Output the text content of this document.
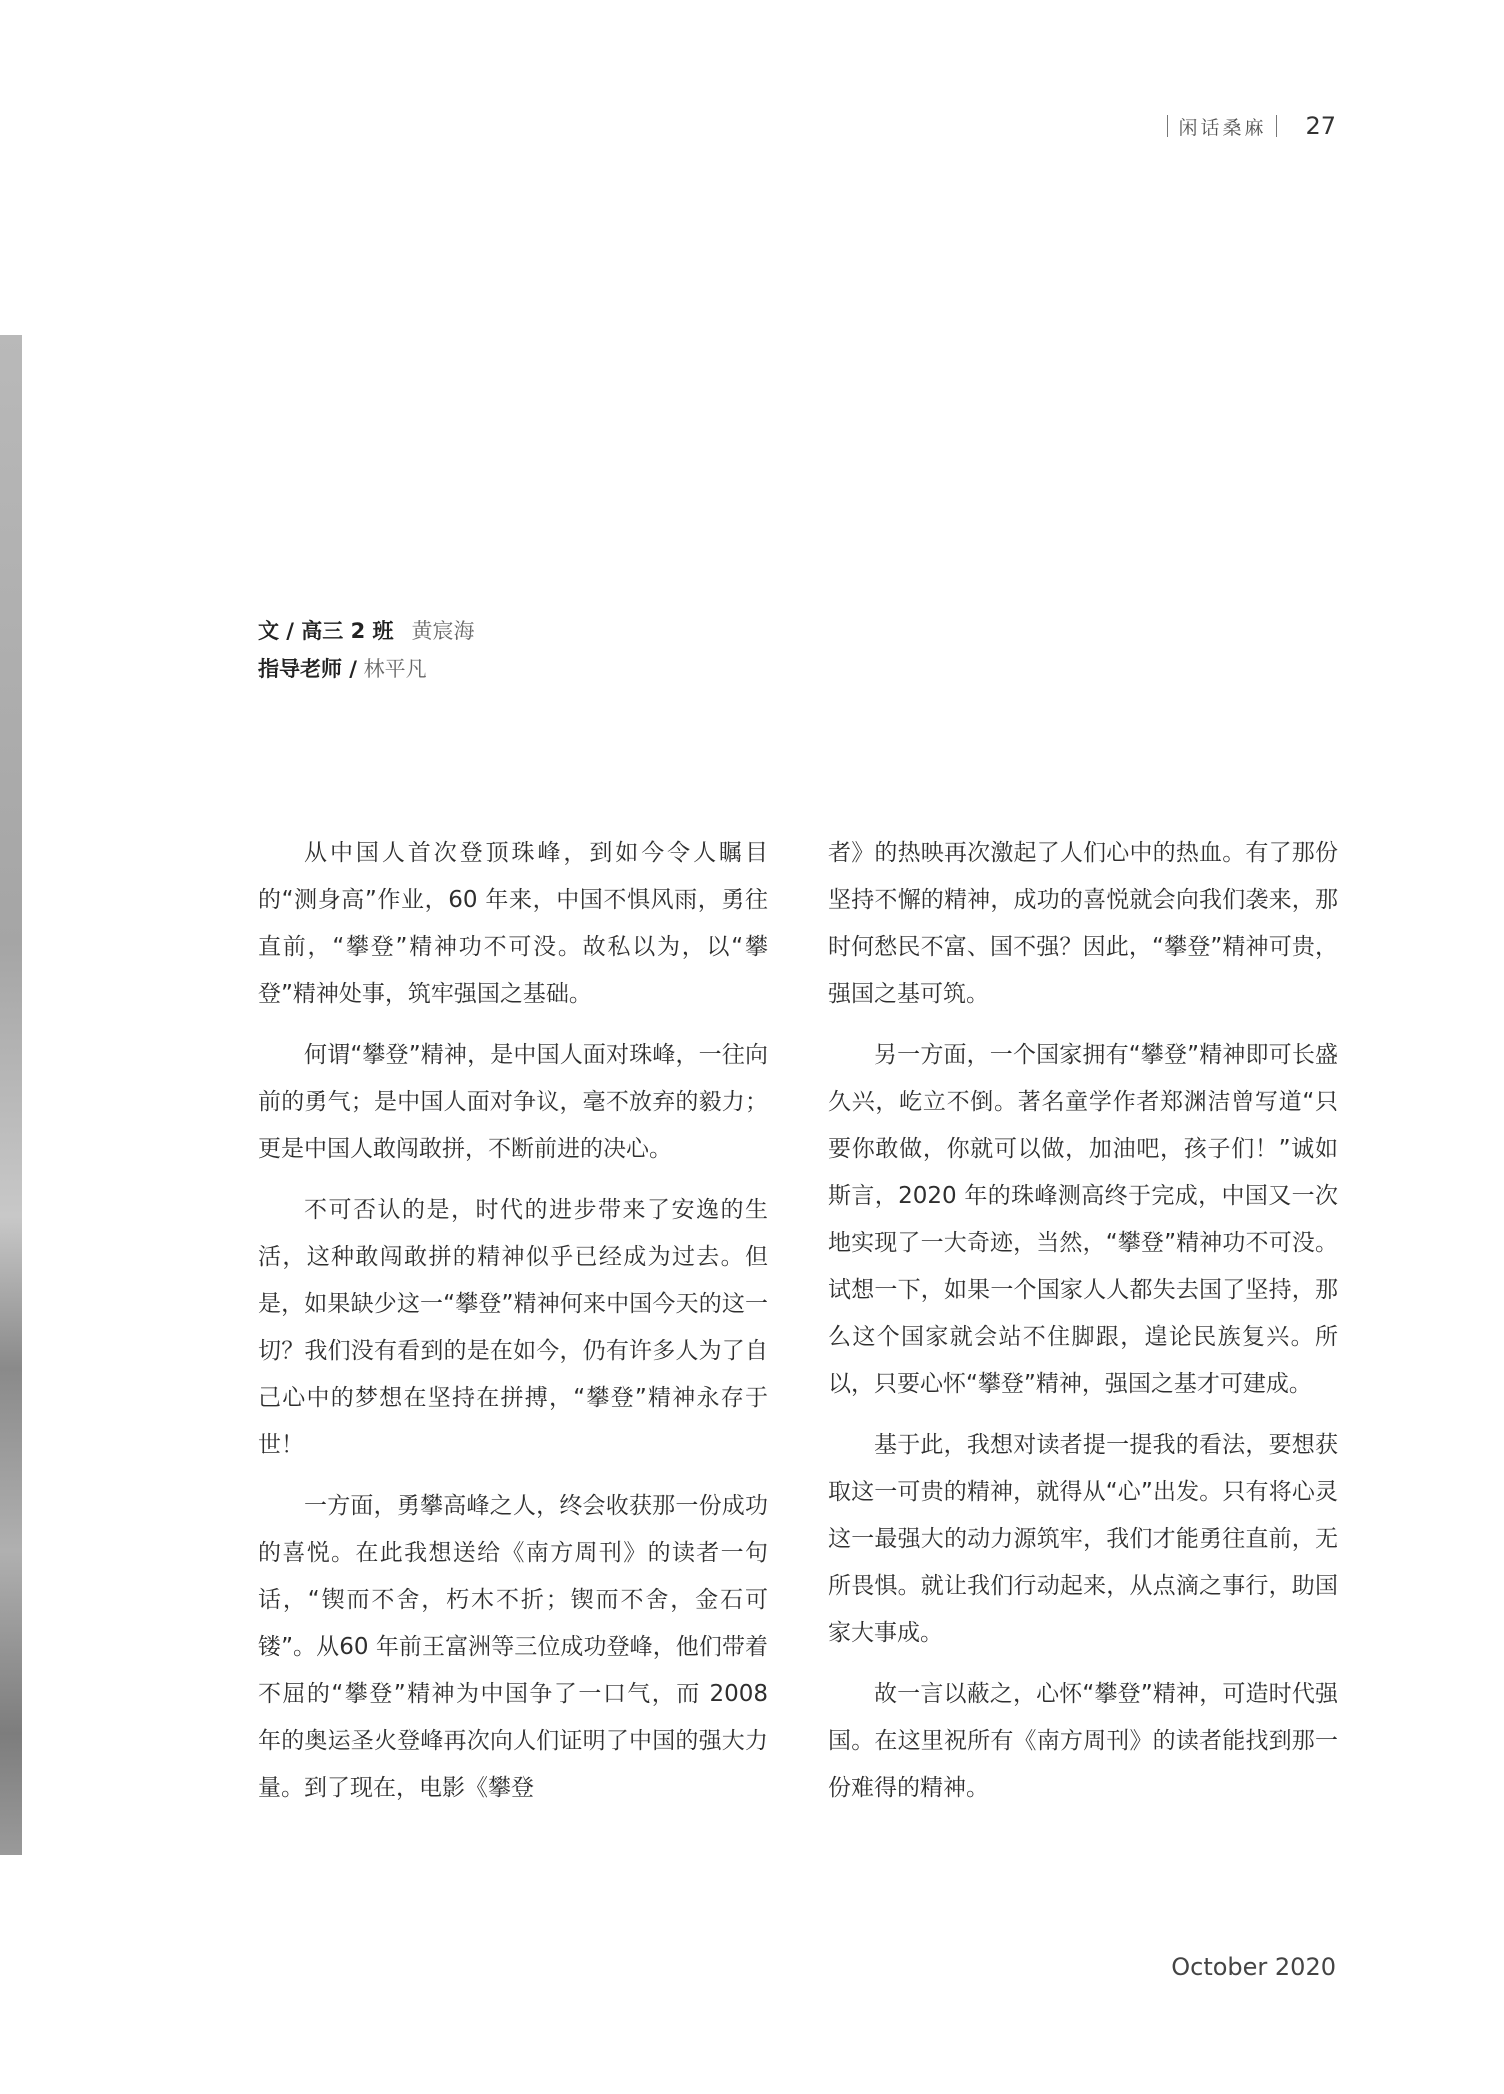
闲话桑麻 27
文 / 高三 2 班 黄宸海
指导老师 / 林平凡

从中国人首次登顶珠峰，到如今令人瞩目的“测身高”作业，60 年来，中国不惧风雨，勇往直前，“攀登”精神功不可没。故私以为，以“攀登”精神处事，筑牢强国之基础。

何谓“攀登”精神，是中国人面对珠峰，一往向前的勇气；是中国人面对争议，毫不放弃的毅力；更是中国人敢闯敢拼，不断前进的决心。

不可否认的是，时代的进步带来了安逸的生活，这种敢闯敢拼的精神似乎已经成为过去。但是，如果缺少这一“攀登”精神何来中国今天的这一切？我们没有看到的是在如今，仍有许多人为了自己心中的梦想在坚持在拼搏，“攀登”精神永存于世！

一方面，勇攀高峰之人，终会收获那一份成功的喜悦。在此我想送给《南方周刊》的读者一句话，“锲而不舍，朽木不折；锲而不舍，金石可镂”。从60 年前王富洲等三位成功登峰，他们带着不屈的“攀登”精神为中国争了一口气，而 2008 年的奥运圣火登峰再次向人们证明了中国的强大力量。到了现在，电影《攀登

者》的热映再次激起了人们心中的热血。有了那份坚持不懈的精神，成功的喜悦就会向我们袭来，那时何愁民不富、国不强？因此，“攀登”精神可贵，强国之基可筑。

另一方面，一个国家拥有“攀登”精神即可长盛久兴，屹立不倒。著名童学作者郑渊洁曾写道“只要你敢做，你就可以做，加油吧，孩子们！”诚如斯言，2020 年的珠峰测高终于完成，中国又一次地实现了一大奇迹，当然，“攀登”精神功不可没。试想一下，如果一个国家人人都失去国了坚持，那么这个国家就会站不住脚跟，遑论民族复兴。所以，只要心怀“攀登”精神，强国之基才可建成。

基于此，我想对读者提一提我的看法，要想获取这一可贵的精神，就得从“心”出发。只有将心灵这一最强大的动力源筑牢，我们才能勇往直前，无所畏惧。就让我们行动起来，从点滴之事行，助国家大事成。

故一言以蔽之，心怀“攀登”精神，可造时代强国。在这里祝所有《南方周刊》的读者能找到那一份难得的精神。

October 2020
